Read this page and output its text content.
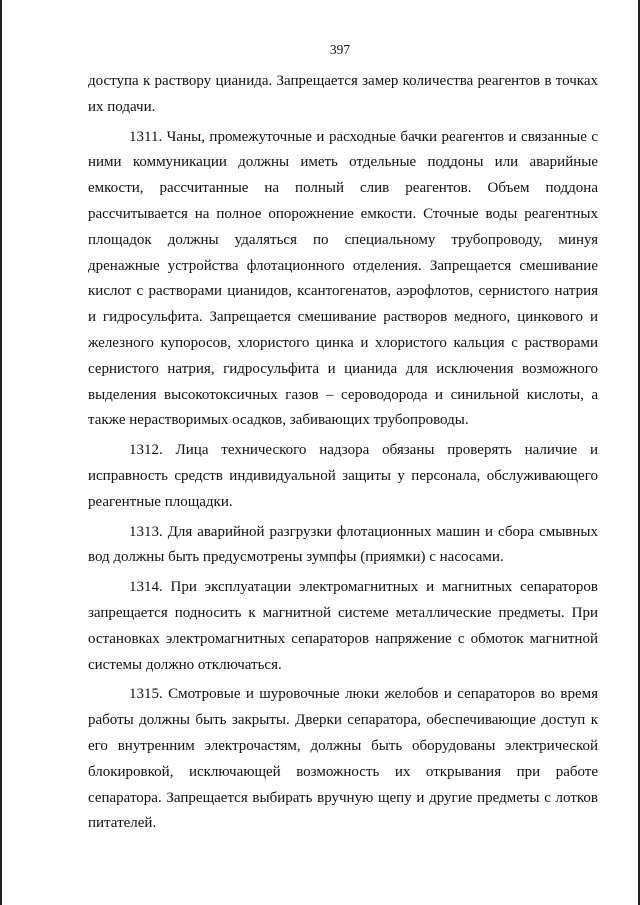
397

доступа к раствору цианида. Запрещается замер количества реагентов в точках их подачи.

1311. Чаны, промежуточные и расходные бачки реагентов и связанные с ними коммуникации должны иметь отдельные поддоны или аварийные емкости, рассчитанные на полный слив реагентов. Объем поддона рассчитывается на полное опорожнение емкости. Сточные воды реагентных площадок должны удаляться по специальному трубопроводу, минуя дренажные устройства флотационного отделения. Запрещается смешивание кислот с растворами цианидов, ксантогенатов, аэрофлотов, сернистого натрия и гидросульфита. Запрещается смешивание растворов медного, цинкового и железного купоросов, хлористого цинка и хлористого кальция с растворами сернистого натрия, гидросульфита и цианида для исключения возможного выделения высокотоксичных газов – сероводорода и синильной кислоты, а также нерастворимых осадков, забивающих трубопроводы.

1312. Лица технического надзора обязаны проверять наличие и исправность средств индивидуальной защиты у персонала, обслуживающего реагентные площадки.

1313. Для аварийной разгрузки флотационных машин и сбора смывных вод должны быть предусмотрены зумпфы (приямки) с насосами.

1314. При эксплуатации электромагнитных и магнитных сепараторов запрещается подносить к магнитной системе металлические предметы. При остановках электромагнитных сепараторов напряжение с обмоток магнитной системы должно отключаться.

1315. Смотровые и шуровочные люки желобов и сепараторов во время работы должны быть закрыты. Дверки сепаратора, обеспечивающие доступ к его внутренним электрочастям, должны быть оборудованы электрической блокировкой, исключающей возможность их открывания при работе сепаратора. Запрещается выбирать вручную щепу и другие предметы с лотков питателей.
